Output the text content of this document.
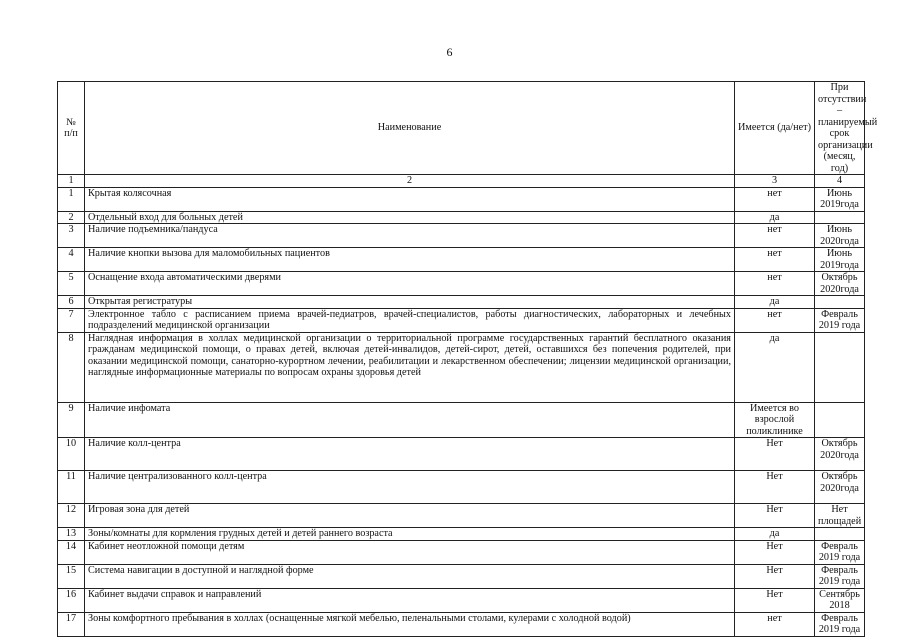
6
№ п/п	Наименование	Имеется (да/нет)	При отсутствии – планируемый срок организации (месяц, год)
1	2	3	4
1	Крытая колясочная	нет	Июнь 2019года
2	Отдельный вход для больных детей	да	
3	Наличие подъемника/пандуса	нет	Июнь 2020года
4	Наличие кнопки вызова для маломобильных пациентов	нет	Июнь 2019года
5	Оснащение входа автоматическими дверями	нет	Октябрь 2020года
6	Открытая регистратуры	да	
7	Электронное табло с расписанием приема врачей-педиатров, врачей-специалистов, работы диагностических, лабораторных и лечебных подразделений медицинской организации	нет	Февраль 2019 года
8	Наглядная информация в холлах медицинской организации о территориальной программе государственных гарантий бесплатного оказания гражданам медицинской помощи, о правах детей, включая детей-инвалидов, детей-сирот, детей, оставшихся без попечения родителей, при оказании медицинской помощи, санаторно-курортном лечении, реабилитации и лекарственном обеспечении; лицензии медицинской организации, наглядные информационные материалы по вопросам охраны здоровья детей	да	
9	Наличие инфомата	Имеется во взрослой поликлинике	
10	Наличие колл-центра	Нет	Октябрь 2020года
11	Наличие централизованного колл-центра	Нет	Октябрь 2020года
12	Игровая зона для детей	Нет	Нет площадей
13	Зоны/комнаты для кормления грудных детей и детей раннего возраста	да	
14	Кабинет неотложной помощи детям	Нет	Февраль 2019 года
15	Система навигации в доступной и наглядной форме	Нет	Февраль 2019 года
16	Кабинет выдачи справок и направлений	Нет	Сентябрь 2018
17	Зоны комфортного пребывания в холлах (оснащенные мягкой мебелью, пеленальными столами, кулерами с холодной водой)	нет	Февраль 2019 года
